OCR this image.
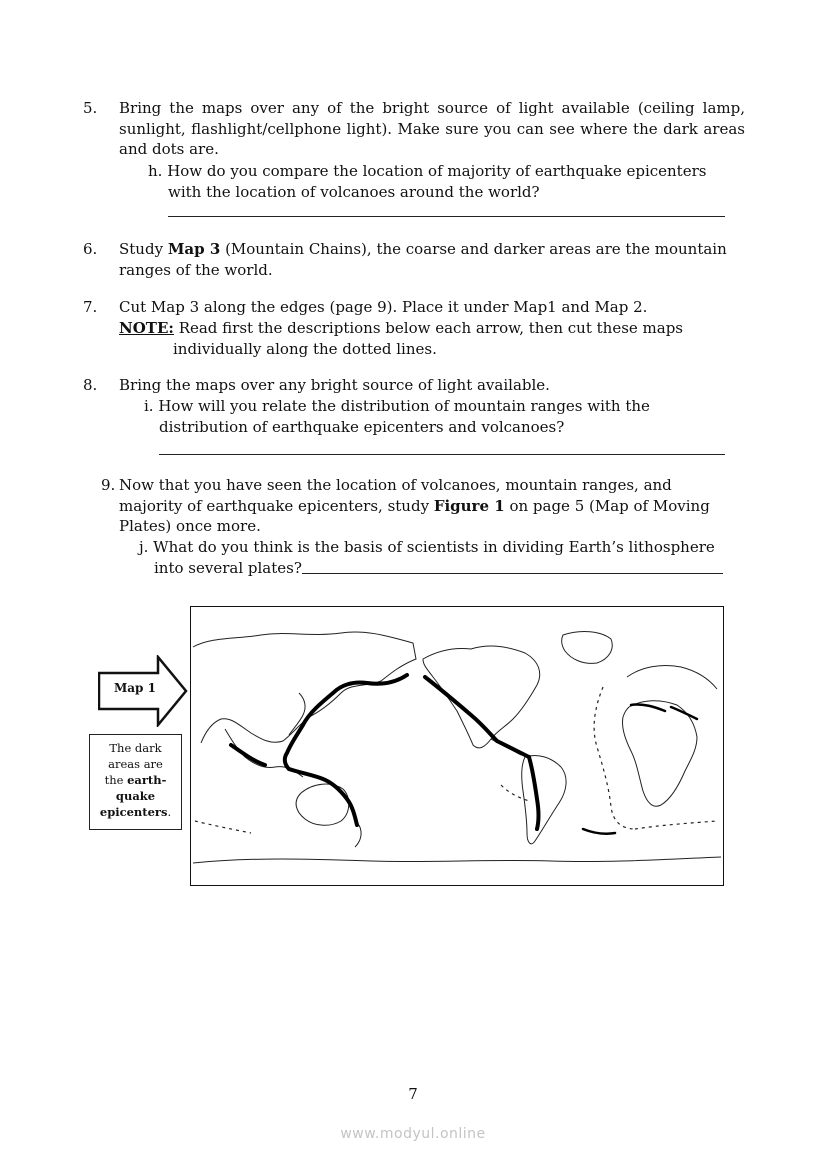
5. Bring the maps over any of the bright source of light available (ceiling lamp, sunlight, flashlight/cellphone light). Make sure you can see where the dark areas and dots are.
h. How do you compare the location of majority of earthquake epicenters
with the location of volcanoes around the world?
6. Study Map 3 (Mountain Chains), the coarse and darker areas are the mountain ranges of the world.
7. Cut Map 3 along the edges (page 9). Place it under Map1 and Map 2.
NOTE: Read first the descriptions below each arrow, then cut these maps
individually along the dotted lines.
8. Bring the maps over any bright source of light available.
i. How will you relate the distribution of mountain ranges with the
distribution of earthquake epicenters and volcanoes?
9. Now that you have seen the location of volcanoes, mountain ranges, and
majority of earthquake epicenters, study Figure 1 on page 5 (Map of Moving
Plates) once more.
j. What do you think is the basis of scientists in dividing Earth’s lithosphere
into several plates?
Map 1
The dark
areas are
the earth-
quake
epicenters.
7
www.modyul.online
